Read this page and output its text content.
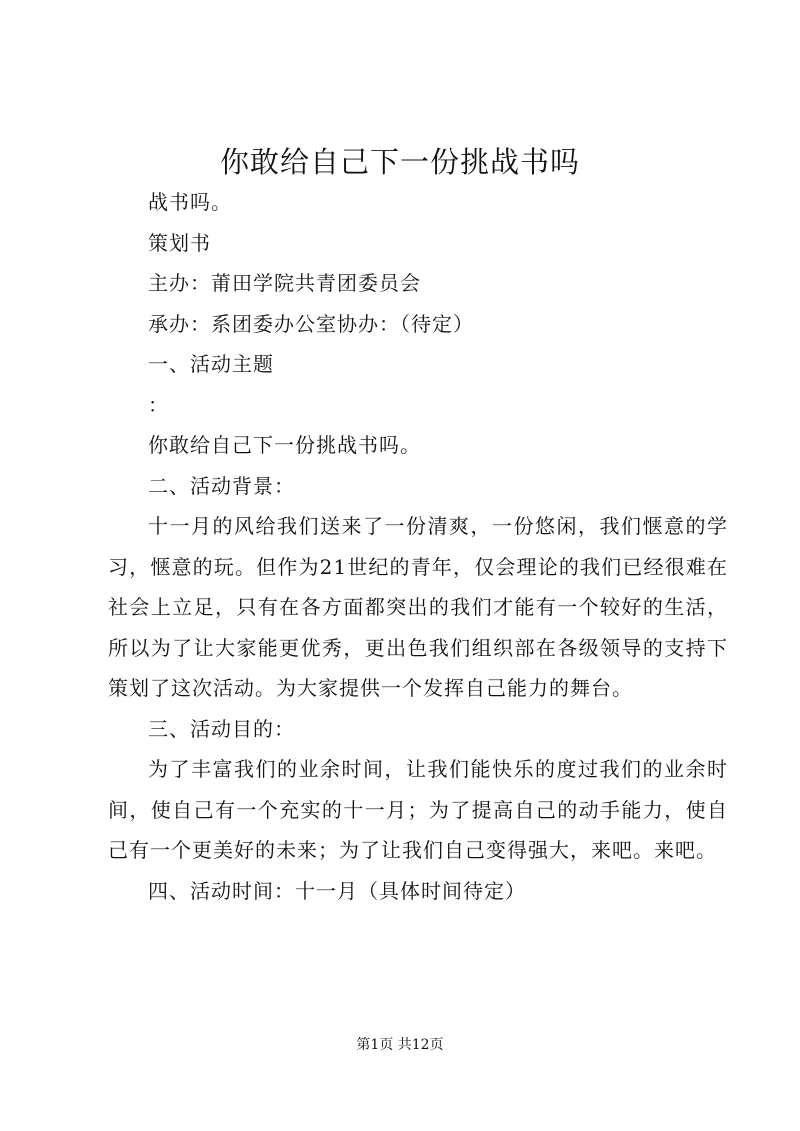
你敢给自己下一份挑战书吗

战书吗。

策划书

主办：莆田学院共青团委员会

承办：系团委办公室协办：（待定）

一、活动主题

：

你敢给自己下一份挑战书吗。

二、活动背景：

十一月的风给我们送来了一份清爽，一份悠闲，我们惬意的学习，惬意的玩。但作为21世纪的青年，仅会理论的我们已经很难在社会上立足，只有在各方面都突出的我们才能有一个较好的生活，所以为了让大家能更优秀，更出色我们组织部在各级领导的支持下策划了这次活动。为大家提供一个发挥自己能力的舞台。

三、活动目的：

为了丰富我们的业余时间，让我们能快乐的度过我们的业余时间，使自己有一个充实的十一月；为了提高自己的动手能力，使自己有一个更美好的未来；为了让我们自己变得强大，来吧。来吧。

四、活动时间：十一月（具体时间待定）

第1页 共12页
